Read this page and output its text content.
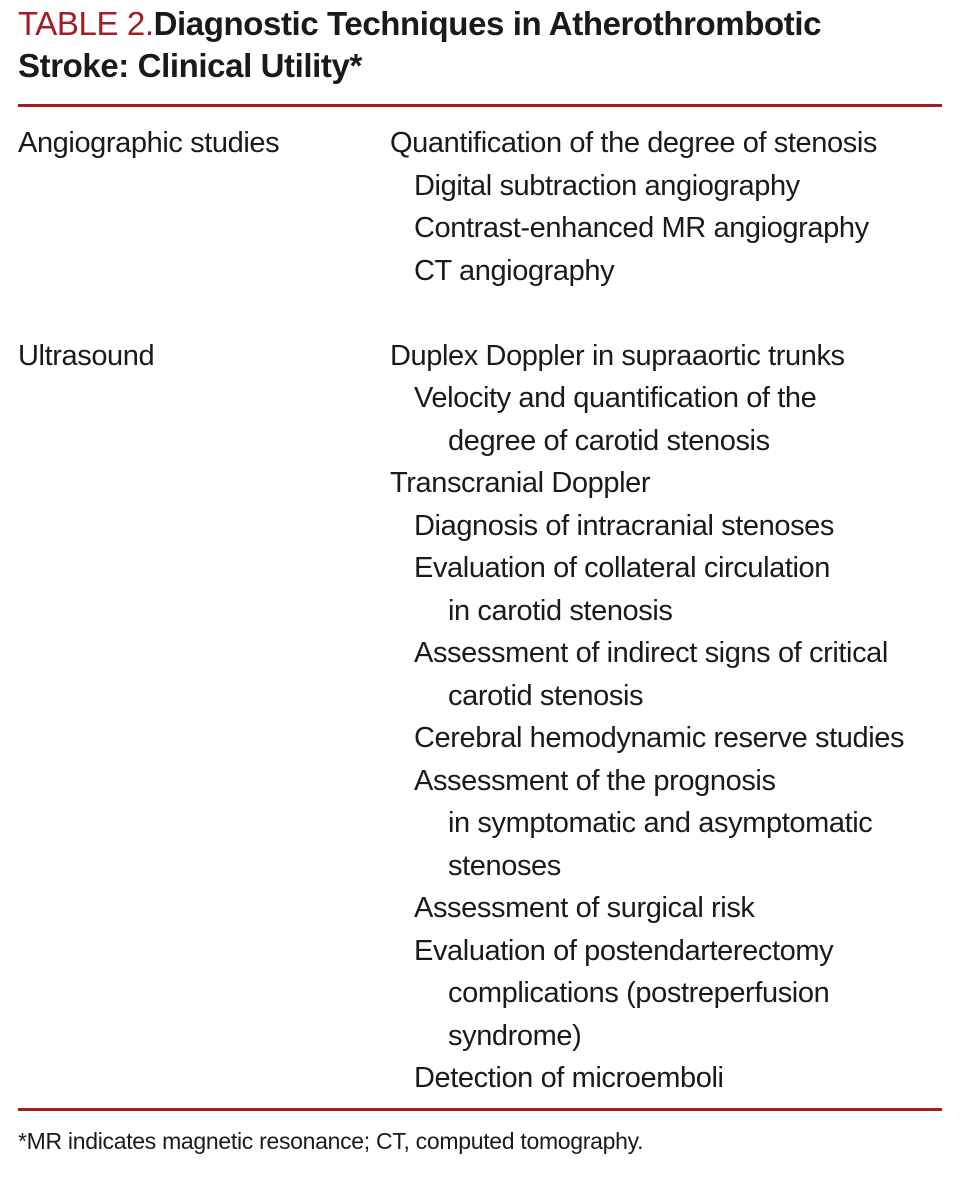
TABLE 2.Diagnostic Techniques in Atherothrombotic
Stroke: Clinical Utility*
Angiographic studies	Quantification of the degree of stenosis
Digital subtraction angiography
Contrast-enhanced MR angiography
CT angiography
Ultrasound	Duplex Doppler in supraaortic trunks
Velocity and quantification of the
degree of carotid stenosis
Transcranial Doppler
Diagnosis of intracranial stenoses
Evaluation of collateral circulation
in carotid stenosis
Assessment of indirect signs of critical
carotid stenosis
Cerebral hemodynamic reserve studies
Assessment of the prognosis
in symptomatic and asymptomatic
stenoses
Assessment of surgical risk
Evaluation of postendarterectomy
complications (postreperfusion
syndrome)
Detection of microemboli
*MR indicates magnetic resonance; CT, computed tomography.
